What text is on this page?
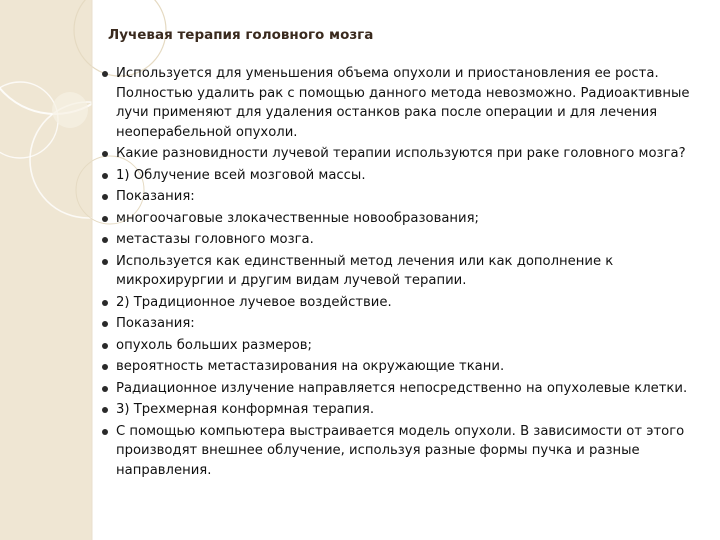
Лучевая терапия головного мозга
Используется для уменьшения объема опухоли и приостановления ее роста. Полностью удалить рак с помощью данного метода невозможно. Радиоактивные лучи применяют для удаления останков рака после операции и для лечения неоперабельной опухоли.
Какие разновидности лучевой терапии используются при раке головного мозга?
1) Облучение всей мозговой массы.
Показания:
многоочаговые злокачественные новообразования;
метастазы головного мозга.
Используется как единственный метод лечения или как дополнение к микрохирургии и другим видам лучевой терапии.
2) Традиционное лучевое воздействие.
Показания:
опухоль больших размеров;
вероятность метастазирования на окружающие ткани.
Радиационное излучение направляется непосредственно на опухолевые клетки.
3) Трехмерная конформная терапия.
С помощью компьютера выстраивается модель опухоли. В зависимости от этого производят внешнее облучение, используя разные формы пучка и разные направления.
